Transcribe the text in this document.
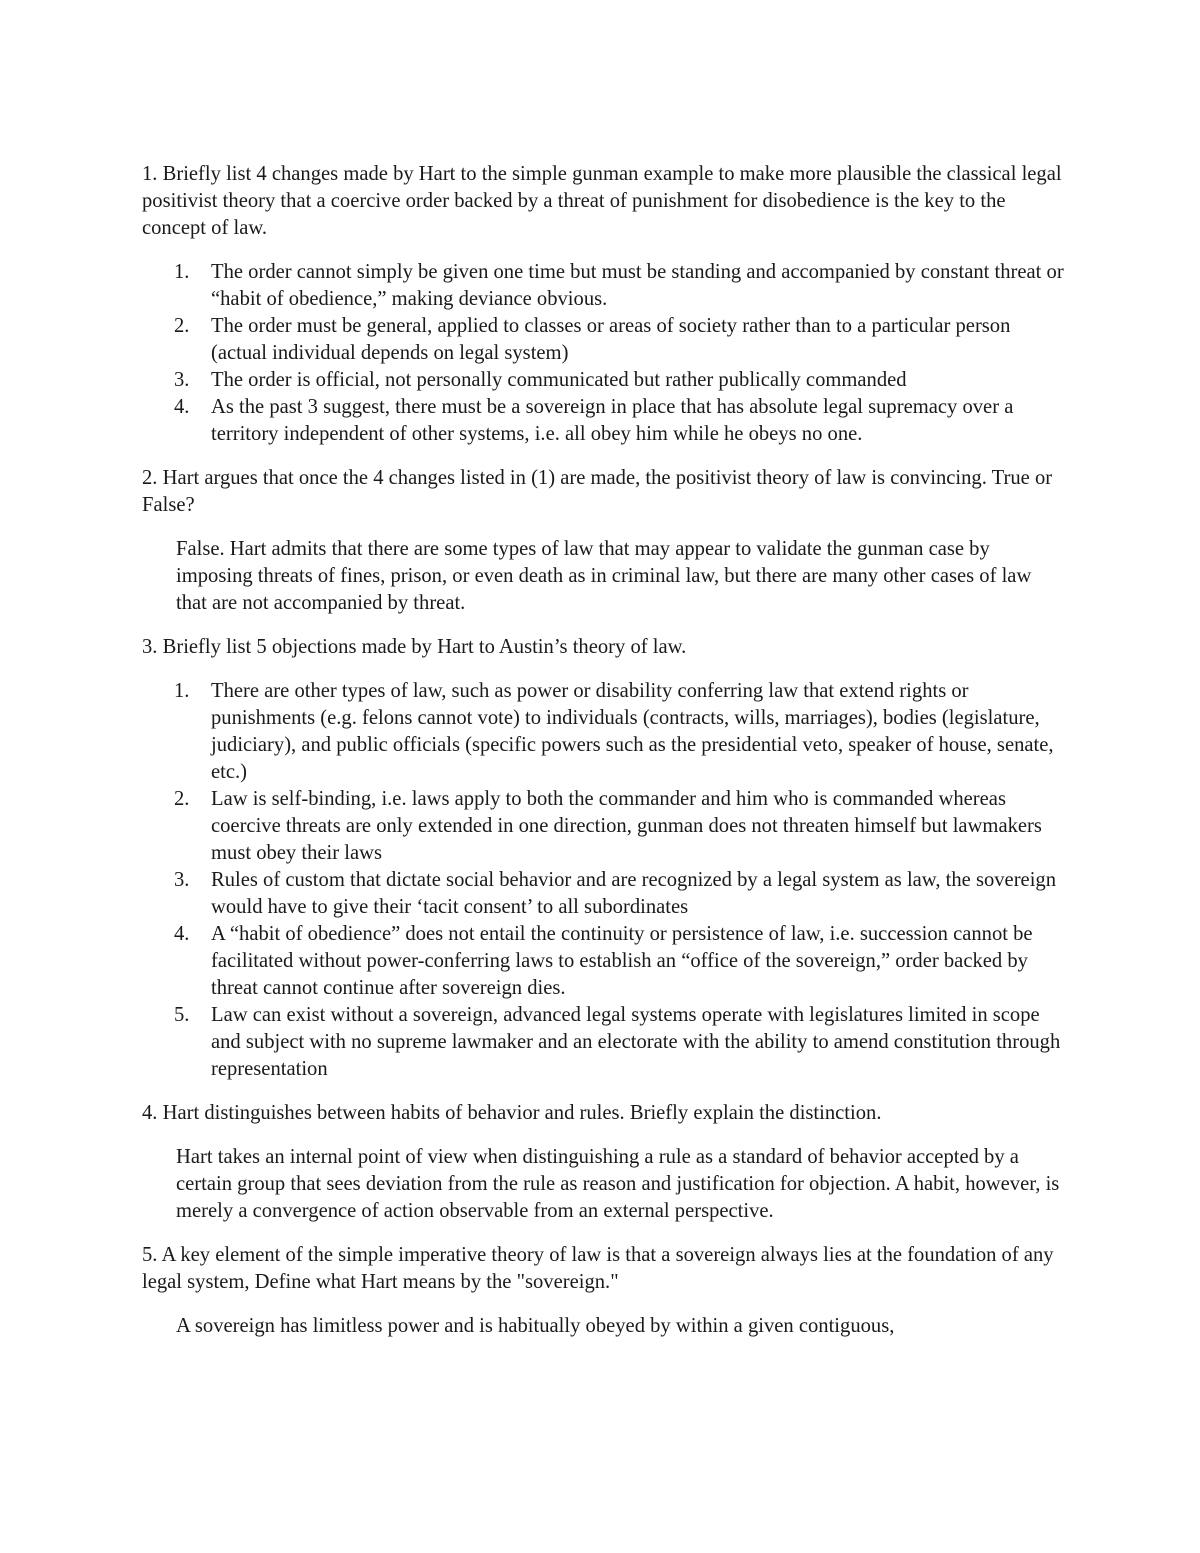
1. Briefly list 4 changes made by Hart to the simple gunman example to make more plausible the classical legal positivist theory that a coercive order backed by a threat of punishment for disobedience is the key to the concept of law.

1. The order cannot simply be given one time but must be standing and accompanied by constant threat or “habit of obedience,” making deviance obvious.
2. The order must be general, applied to classes or areas of society rather than to a particular person (actual individual depends on legal system)
3. The order is official, not personally communicated but rather publically commanded
4. As the past 3 suggest, there must be a sovereign in place that has absolute legal supremacy over a territory independent of other systems, i.e. all obey him while he obeys no one.

2. Hart argues that once the 4 changes listed in (1) are made, the positivist theory of law is convincing. True or False?

False. Hart admits that there are some types of law that may appear to validate the gunman case by imposing threats of fines, prison, or even death as in criminal law, but there are many other cases of law that are not accompanied by threat.

3. Briefly list 5 objections made by Hart to Austin’s theory of law.

1. There are other types of law, such as power or disability conferring law that extend rights or punishments (e.g. felons cannot vote) to individuals (contracts, wills, marriages), bodies (legislature, judiciary), and public officials (specific powers such as the presidential veto, speaker of house, senate, etc.)
2. Law is self-binding, i.e. laws apply to both the commander and him who is commanded whereas coercive threats are only extended in one direction, gunman does not threaten himself but lawmakers must obey their laws
3. Rules of custom that dictate social behavior and are recognized by a legal system as law, the sovereign would have to give their ‘tacit consent’ to all subordinates
4. A “habit of obedience” does not entail the continuity or persistence of law, i.e. succession cannot be facilitated without power-conferring laws to establish an “office of the sovereign,” order backed by threat cannot continue after sovereign dies.
5. Law can exist without a sovereign, advanced legal systems operate with legislatures limited in scope and subject with no supreme lawmaker and an electorate with the ability to amend constitution through representation

4. Hart distinguishes between habits of behavior and rules. Briefly explain the distinction.

Hart takes an internal point of view when distinguishing a rule as a standard of behavior accepted by a certain group that sees deviation from the rule as reason and justification for objection. A habit, however, is merely a convergence of action observable from an external perspective.

5. A key element of the simple imperative theory of law is that a sovereign always lies at the foundation of any legal system, Define what Hart means by the "sovereign."

A sovereign has limitless power and is habitually obeyed by within a given contiguous,
